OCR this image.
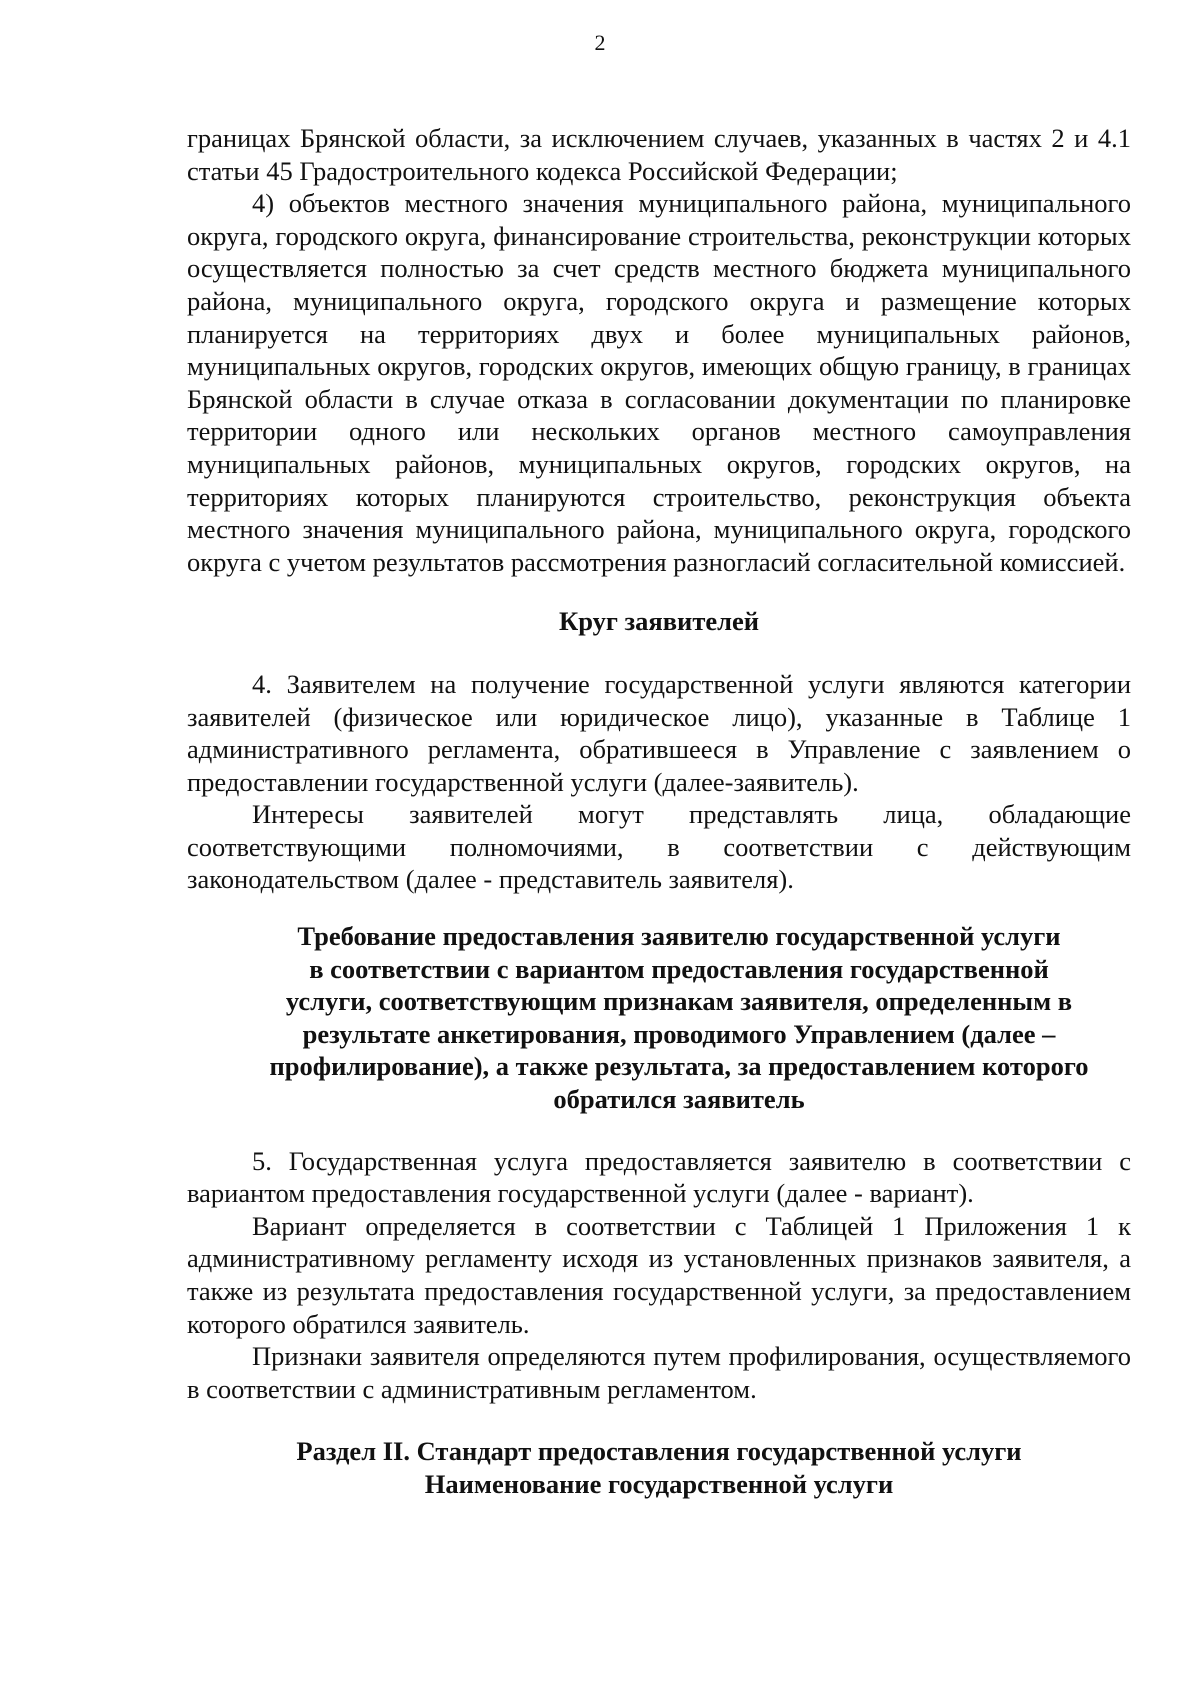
2

границах Брянской области, за исключением случаев, указанных в частях 2 и 4.1 статьи 45 Градостроительного кодекса Российской Федерации;

4) объектов местного значения муниципального района, муниципального округа, городского округа, финансирование строительства, реконструкции которых осуществляется полностью за счет средств местного бюджета муниципального района, муниципального округа, городского округа и размещение которых планируется на территориях двух и более муниципальных районов, муниципальных округов, городских округов, имеющих общую границу, в границах Брянской области в случае отказа в согласовании документации по планировке территории одного или нескольких органов местного самоуправления муниципальных районов, муниципальных округов, городских округов, на территориях которых планируются строительство, реконструкция объекта местного значения муниципального района, муниципального округа, городского округа с учетом результатов рассмотрения разногласий согласительной комиссией.

Круг заявителей

4. Заявителем на получение государственной услуги являются категории заявителей (физическое или юридическое лицо), указанные в Таблице 1 административного регламента, обратившееся в Управление с заявлением о предоставлении государственной услуги (далее-заявитель).

Интересы заявителей могут представлять лица, обладающие соответствующими полномочиями, в соответствии с действующим законодательством (далее - представитель заявителя).

Требование предоставления заявителю государственной услуги
в соответствии с вариантом предоставления государственной
услуги, соответствующим признакам заявителя, определенным в
результате анкетирования, проводимого Управлением (далее –
профилирование), а также результата, за предоставлением которого
обратился заявитель

5. Государственная услуга предоставляется заявителю в соответствии с вариантом предоставления государственной услуги (далее - вариант).

Вариант определяется в соответствии с Таблицей 1 Приложения 1 к административному регламенту исходя из установленных признаков заявителя, а также из результата предоставления государственной услуги, за предоставлением которого обратился заявитель.

Признаки заявителя определяются путем профилирования, осуществляемого в соответствии с административным регламентом.

Раздел II. Стандарт предоставления государственной услуги
Наименование государственной услуги
